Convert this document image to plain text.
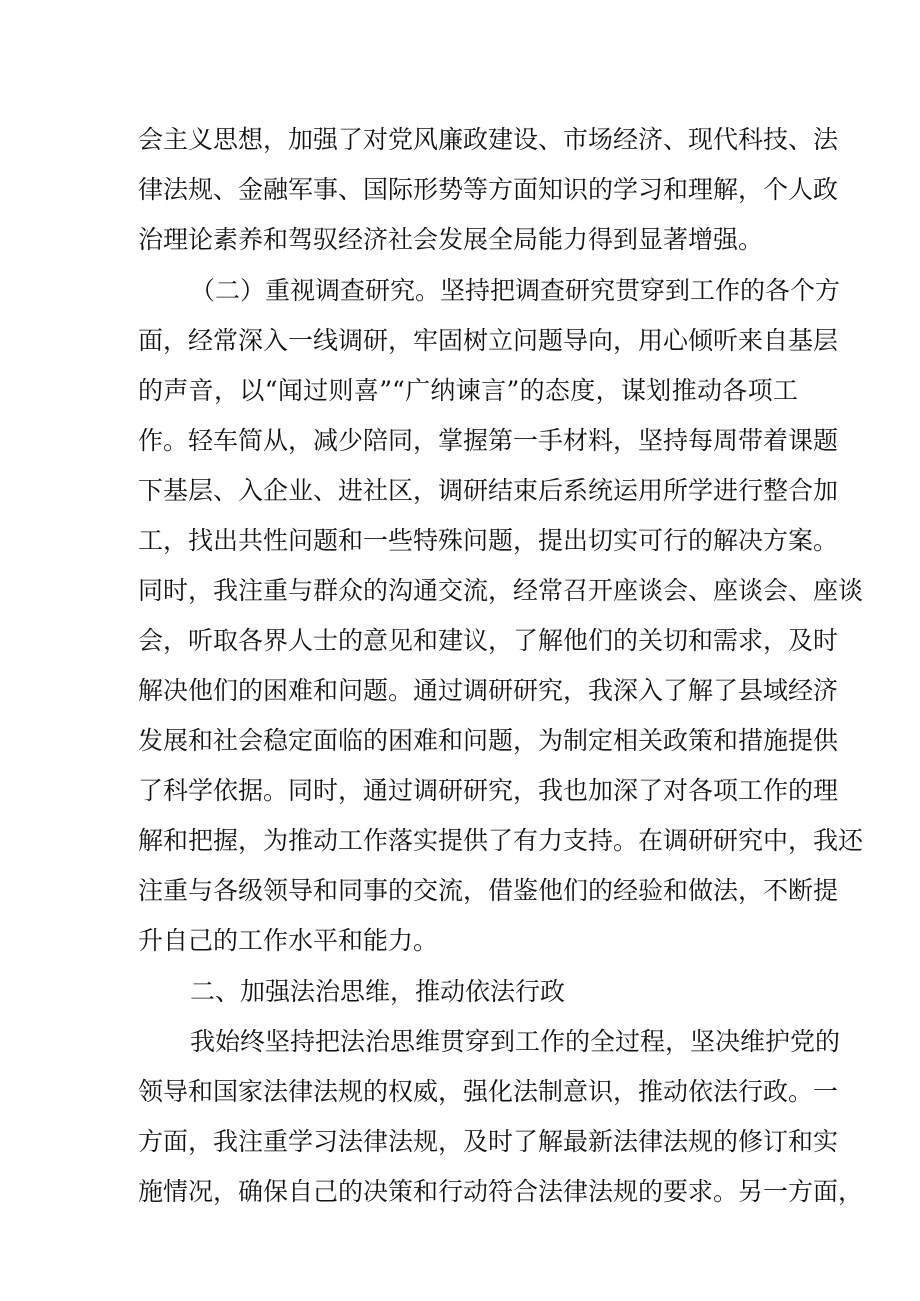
会主义思想，加强了对党风廉政建设、市场经济、现代科技、法
律法规、金融军事、国际形势等方面知识的学习和理解，个人政
治理论素养和驾驭经济社会发展全局能力得到显著增强。
（二）重视调查研究。坚持把调查研究贯穿到工作的各个方
面，经常深入一线调研，牢固树立问题导向，用心倾听来自基层
的声音，以“闻过则喜”“广纳谏言”的态度，谋划推动各项工
作。轻车简从，减少陪同，掌握第一手材料，坚持每周带着课题
下基层、入企业、进社区，调研结束后系统运用所学进行整合加
工，找出共性问题和一些特殊问题，提出切实可行的解决方案。
同时，我注重与群众的沟通交流，经常召开座谈会、座谈会、座谈
会，听取各界人士的意见和建议，了解他们的关切和需求，及时
解决他们的困难和问题。通过调研研究，我深入了解了县域经济
发展和社会稳定面临的困难和问题，为制定相关政策和措施提供
了科学依据。同时，通过调研研究，我也加深了对各项工作的理
解和把握，为推动工作落实提供了有力支持。在调研研究中，我还
注重与各级领导和同事的交流，借鉴他们的经验和做法，不断提
升自己的工作水平和能力。
二、加强法治思维，推动依法行政
我始终坚持把法治思维贯穿到工作的全过程，坚决维护党的
领导和国家法律法规的权威，强化法制意识，推动依法行政。一
方面，我注重学习法律法规，及时了解最新法律法规的修订和实
施情况，确保自己的决策和行动符合法律法规的要求。另一方面，
